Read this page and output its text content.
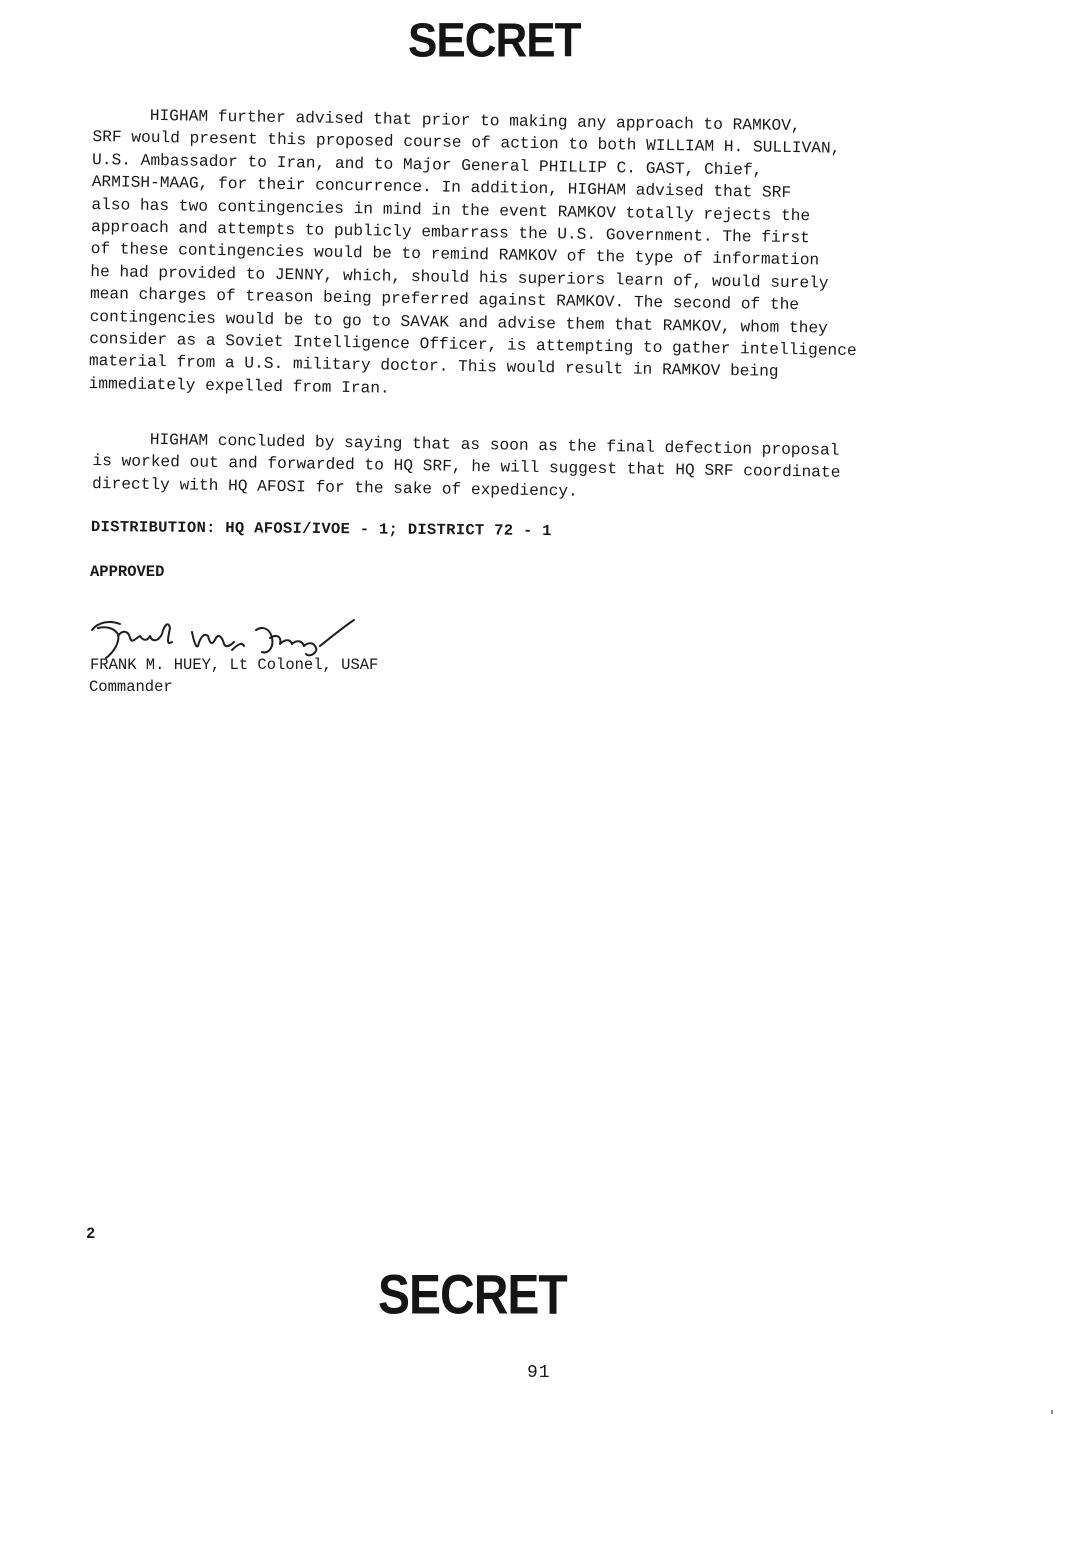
SECRET
HIGHAM further advised that prior to making any approach to RAMKOV,
SRF would present this proposed course of action to both WILLIAM H. SULLIVAN,
U.S. Ambassador to Iran, and to Major General PHILLIP C. GAST, Chief,
ARMISH-MAAG, for their concurrence. In addition, HIGHAM advised that SRF
also has two contingencies in mind in the event RAMKOV totally rejects the
approach and attempts to publicly embarrass the U.S. Government. The first
of these contingencies would be to remind RAMKOV of the type of information
he had provided to JENNY, which, should his superiors learn of, would surely
mean charges of treason being preferred against RAMKOV. The second of the
contingencies would be to go to SAVAK and advise them that RAMKOV, whom they
consider as a Soviet Intelligence Officer, is attempting to gather intelligence
material from a U.S. military doctor. This would result in RAMKOV being
immediately expelled from Iran.
HIGHAM concluded by saying that as soon as the final defection proposal
is worked out and forwarded to HQ SRF, he will suggest that HQ SRF coordinate
directly with HQ AFOSI for the sake of expediency.
DISTRIBUTION: HQ AFOSI/IVOE - 1; DISTRICT 72 - 1
APPROVED
FRANK M. HUEY, Lt Colonel, USAF
Commander
2
SECRET
91
